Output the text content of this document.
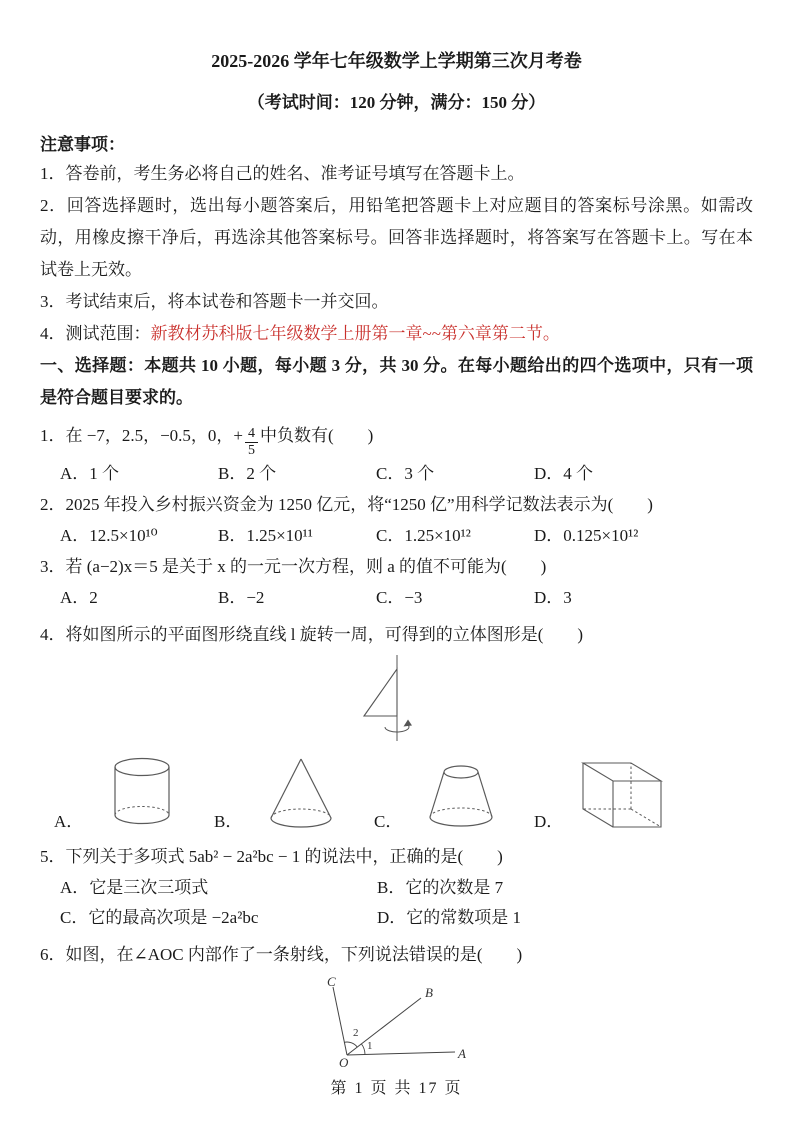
2025-2026 学年七年级数学上学期第三次月考卷

（考试时间：120 分钟，满分：150 分）

注意事项：

1．答卷前，考生务必将自己的姓名、准考证号填写在答题卡上。

2．回答选择题时，选出每小题答案后，用铅笔把答题卡上对应题目的答案标号涂黑。如需改动，用橡皮擦干净后，再选涂其他答案标号。回答非选择题时，将答案写在答题卡上。写在本试卷上无效。

3．考试结束后，将本试卷和答题卡一并交回。

4．测试范围：新教材苏科版七年级数学上册第一章~~第六章第二节。

一、选择题：本题共 10 小题，每小题 3 分，共 30 分。在每小题给出的四个选项中，只有一项是符合题目要求的。

1．在 −7，2.5，−0.5，0，+ $\frac{4}{5}$ 中负数有(　　)

A．1 个	B．2 个	C．3 个	D．4 个

2．2025 年投入乡村振兴资金为 1250 亿元，将“1250 亿”用科学记数法表示为(　　)

A．12.5×10¹⁰	B．1.25×10¹¹	C．1.25×10¹²	D．0.125×10¹²

3．若 (a−2)x＝5 是关于 x 的一元一次方程，则 a 的值不可能为(　　)

A．2	B．−2	C．−3	D．3

4．将如图所示的平面图形绕直线 l 旋转一周，可得到的立体图形是(　　)

A．	B．	C．	D．

5．下列关于多项式 5ab² − 2a²bc − 1 的说法中，正确的是(　　)

A．它是三次三项式	B．它的次数是 7
C．它的最高次项是 −2a²bc	D．它的常数项是 1

6．如图，在∠AOC 内部作了一条射线，下列说法错误的是(　　)

O
A
B
C
1
2

第 1 页 共 17 页
